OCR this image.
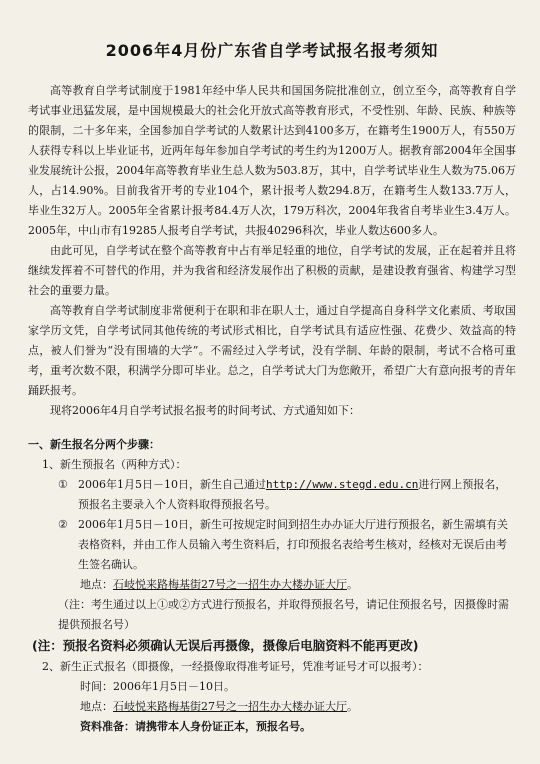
2006年4月份广东省自学考试报名报考须知

高等教育自学考试制度于1981年经中华人民共和国国务院批准创立，创立至今，高等教育自学考试事业迅猛发展，是中国规模最大的社会化开放式高等教育形式，不受性别、年龄、民族、种族等的限制，二十多年来，全国参加自学考试的人数累计达到4100多万，在籍考生1900万人，有550万人获得专科以上毕业证书，近两年每年参加自学考试的考生约为1200万人。据教育部2004年全国事业发展统计公报，2004年高等教育毕业生总人数为503.8万，其中，自学考试毕业生人数为75.06万人，占14.90%。目前我省开考的专业104个，累计报考人数294.8万，在籍考生人数133.7万人，毕业生32万人。2005年全省累计报考84.4万人次，179万科次，2004年我省自考毕业生3.4万人。2005年，中山市有19285人报考自学考试，共报40296科次，毕业人数达600多人。

由此可见，自学考试在整个高等教育中占有举足轻重的地位，自学考试的发展，正在起着并且将继续发挥着不可替代的作用，并为我省和经济发展作出了积极的贡献，是建设教育强省、构建学习型社会的重要力量。

高等教育自学考试制度非常便利于在职和非在职人士，通过自学提高自身科学文化素质、考取国家学历文凭，自学考试同其他传统的考试形式相比，自学考试具有适应性强、花费少、效益高的特点，被人们誉为“没有围墙的大学”。不需经过入学考试，没有学制、年龄的限制，考试不合格可重考，重考次数不限，积满学分即可毕业。总之，自学考试大门为您敞开，希望广大有意向报考的青年踊跃报考。

现将2006年4月自学考试报名报考的时间考试、方式通知如下：

一、新生报名分两个步骤：
1、新生预报名（两种方式）：
① 2006年1月5日－10日，新生自己通过http://www.stegd.edu.cn进行网上预报名，预报名主要录入个人资料取得预报名号。
② 2006年1月5日－10日，新生可按规定时间到招生办办证大厅进行预报名，新生需填有关表格资料，并由工作人员输入考生资料后，打印预报名表给考生核对，经核对无误后由考生签名确认。
地点：石岐悦来路梅基街27号之一招生办大楼办证大厅。
（注：考生通过以上①或②方式进行预报名，并取得预报名号，请记住预报名号，因摄像时需提供预报名号）
(注：预报名资料必须确认无误后再摄像，摄像后电脑资料不能再更改)
2、新生正式报名（即摄像，一经摄像取得准考证号，凭准考证号才可以报考）：
时间：2006年1月5日－10日。
地点：石岐悦来路梅基街27号之一招生办大楼办证大厅。
资料准备：请携带本人身份证正本，预报名号。
